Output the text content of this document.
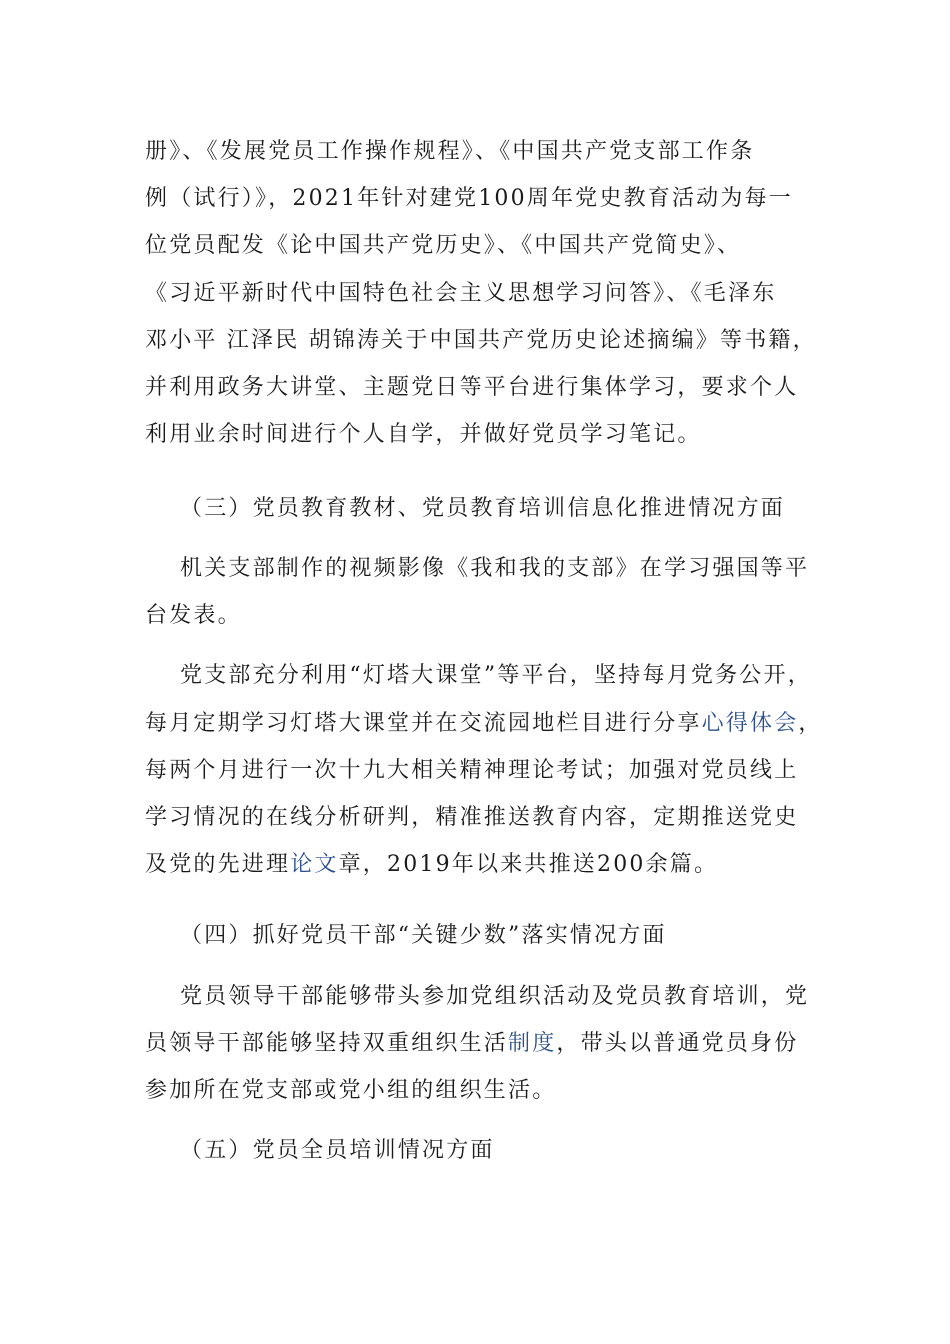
册》、《发展党员工作操作规程》、《中国共产党支部工作条
例（试行）》，2021年针对建党100周年党史教育活动为每一
位党员配发《论中国共产党历史》、《中国共产党简史》、
《习近平新时代中国特色社会主义思想学习问答》、《毛泽东
邓小平 江泽民 胡锦涛关于中国共产党历史论述摘编》等书籍，
并利用政务大讲堂、主题党日等平台进行集体学习，要求个人
利用业余时间进行个人自学，并做好党员学习笔记。
（三）党员教育教材、党员教育培训信息化推进情况方面
机关支部制作的视频影像《我和我的支部》在学习强国等平
台发表。
党支部充分利用“灯塔大课堂”等平台，坚持每月党务公开，
每月定期学习灯塔大课堂并在交流园地栏目进行分享心得体会，
每两个月进行一次十九大相关精神理论考试；加强对党员线上
学习情况的在线分析研判，精准推送教育内容，定期推送党史
及党的先进理论文章，2019年以来共推送200余篇。
（四）抓好党员干部“关键少数”落实情况方面
党员领导干部能够带头参加党组织活动及党员教育培训，党
员领导干部能够坚持双重组织生活制度，带头以普通党员身份
参加所在党支部或党小组的组织生活。
（五）党员全员培训情况方面
